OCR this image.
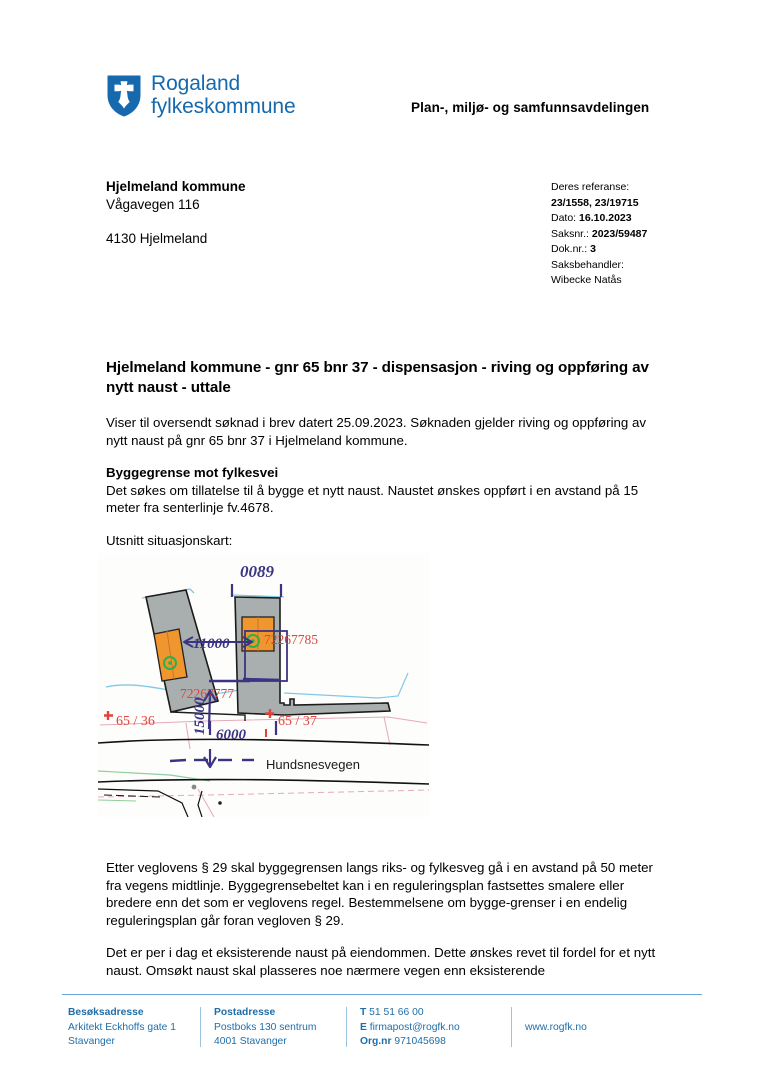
Rogaland
fylkeskommune	Plan-, miljø- og samfunnsavdelingen
Hjelmeland kommune
Vågavegen 116
4130 Hjelmeland
Deres referanse:
23/1558, 23/19715
Dato: 16.10.2023
Saksnr.: 2023/59487
Dok.nr.: 3
Saksbehandler:
Wibecke Natås
Hjelmeland kommune - gnr 65 bnr 37 - dispensasjon - riving og oppføring av nytt naust - uttale

Viser til oversendt søknad i brev datert 25.09.2023. Søknaden gjelder riving og oppføring av nytt naust på gnr 65 bnr 37 i Hjelmeland kommune.

Byggegrense mot fylkesvei

Det søkes om tillatelse til å bygge et nytt naust. Naustet ønskes oppført i en avstand på 15 meter fra senterlinje fv.4678.

Utsnitt situasjonskart:

0089
11000
6000
15000
Hundsnesvegen
72267777
72267785
65 / 36	65 / 37

Etter veglovens § 29 skal byggegrensen langs riks- og fylkesveg gå i en avstand på 50 meter fra vegens midtlinje. Byggegrensebeltet kan i en reguleringsplan fastsettes smalere eller bredere enn det som er veglovens regel. Bestemmelsene om bygge-grenser i en endelig reguleringsplan går foran vegloven § 29.

Det er per i dag et eksisterende naust på eiendommen. Dette ønskes revet til fordel for et nytt naust. Omsøkt naust skal plasseres noe nærmere vegen enn eksisterende

Besøksadresse
Arkitekt Eckhoffs gate 1
Stavanger
Postadresse
Postboks 130 sentrum
4001 Stavanger
T 51 51 66 00
E firmapost@rogfk.no
Org.nr 971045698
www.rogfk.no
